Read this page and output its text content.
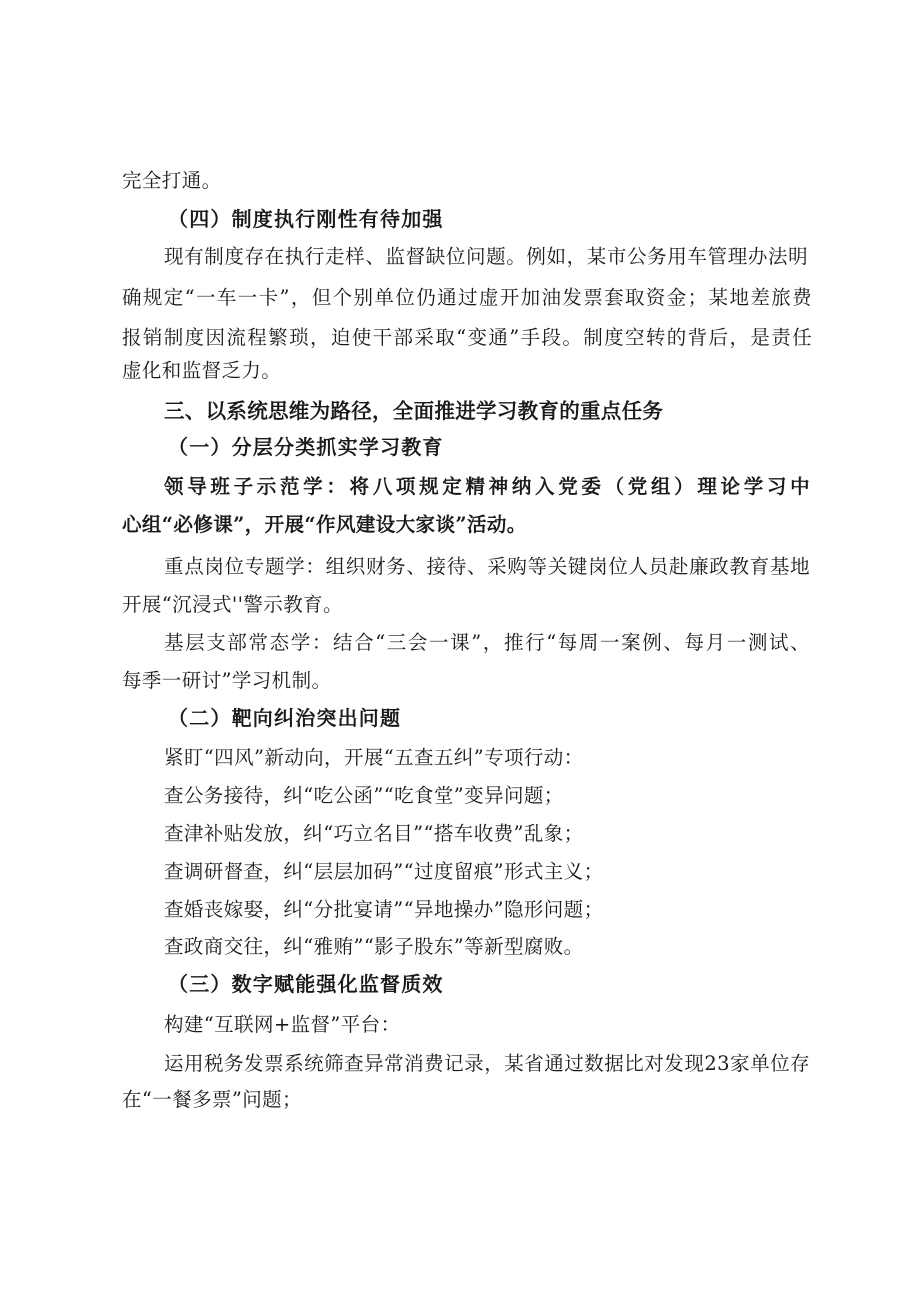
完全打通。
（四）制度执行刚性有待加强
现有制度存在执行走样、监督缺位问题。例如，某市公务用车管理办法明
确规定“一车一卡”，但个别单位仍通过虚开加油发票套取资金；某地差旅费
报销制度因流程繁琐，迫使干部采取“变通”手段。制度空转的背后，是责任
虚化和监督乏力。
三、以系统思维为路径，全面推进学习教育的重点任务
（一）分层分类抓实学习教育
领导班子示范学：将八项规定精神纳入党委（党组）理论学习中
心组“必修课”，开展“作风建设大家谈”活动。
重点岗位专题学：组织财务、接待、采购等关键岗位人员赴廉政教育基地
开展“沉浸式''警示教育。
基层支部常态学：结合“三会一课”，推行“每周一案例、每月一测试、
每季一研讨”学习机制。
（二）靶向纠治突出问题
紧盯“四风”新动向，开展“五查五纠”专项行动：
查公务接待，纠“吃公函”“吃食堂”变异问题；
查津补贴发放，纠“巧立名目”“搭车收费”乱象；
查调研督查，纠“层层加码”“过度留痕”形式主义；
查婚丧嫁娶，纠“分批宴请”“异地操办”隐形问题；
查政商交往，纠“雅贿”“影子股东”等新型腐败。
（三）数字赋能强化监督质效
构建“互联网+监督”平台：
运用税务发票系统筛查异常消费记录，某省通过数据比对发现23家单位存
在“一餐多票”问题；
